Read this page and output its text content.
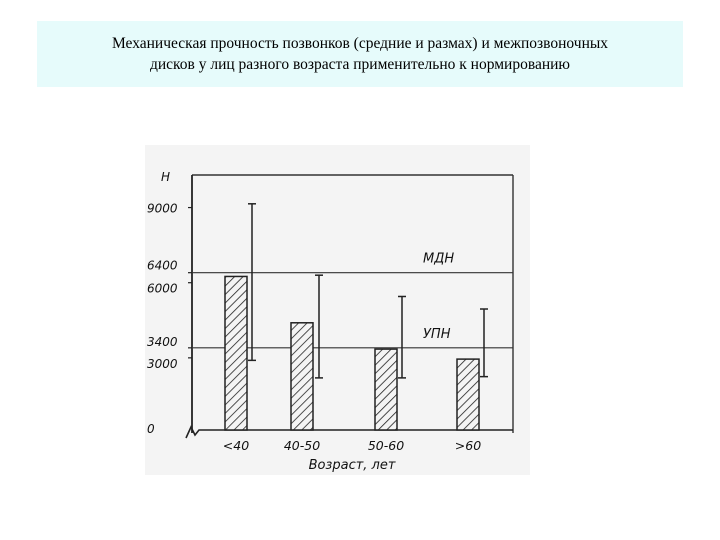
Механическая прочность позвонков (средние и размах) и межпозвоночных
дисков у лиц разного возраста применительно к нормированию
Н
0
3000
3400
6000
6400
9000
МДН
УПН
<40	40-50	50-60	>60
Возраст, лет
